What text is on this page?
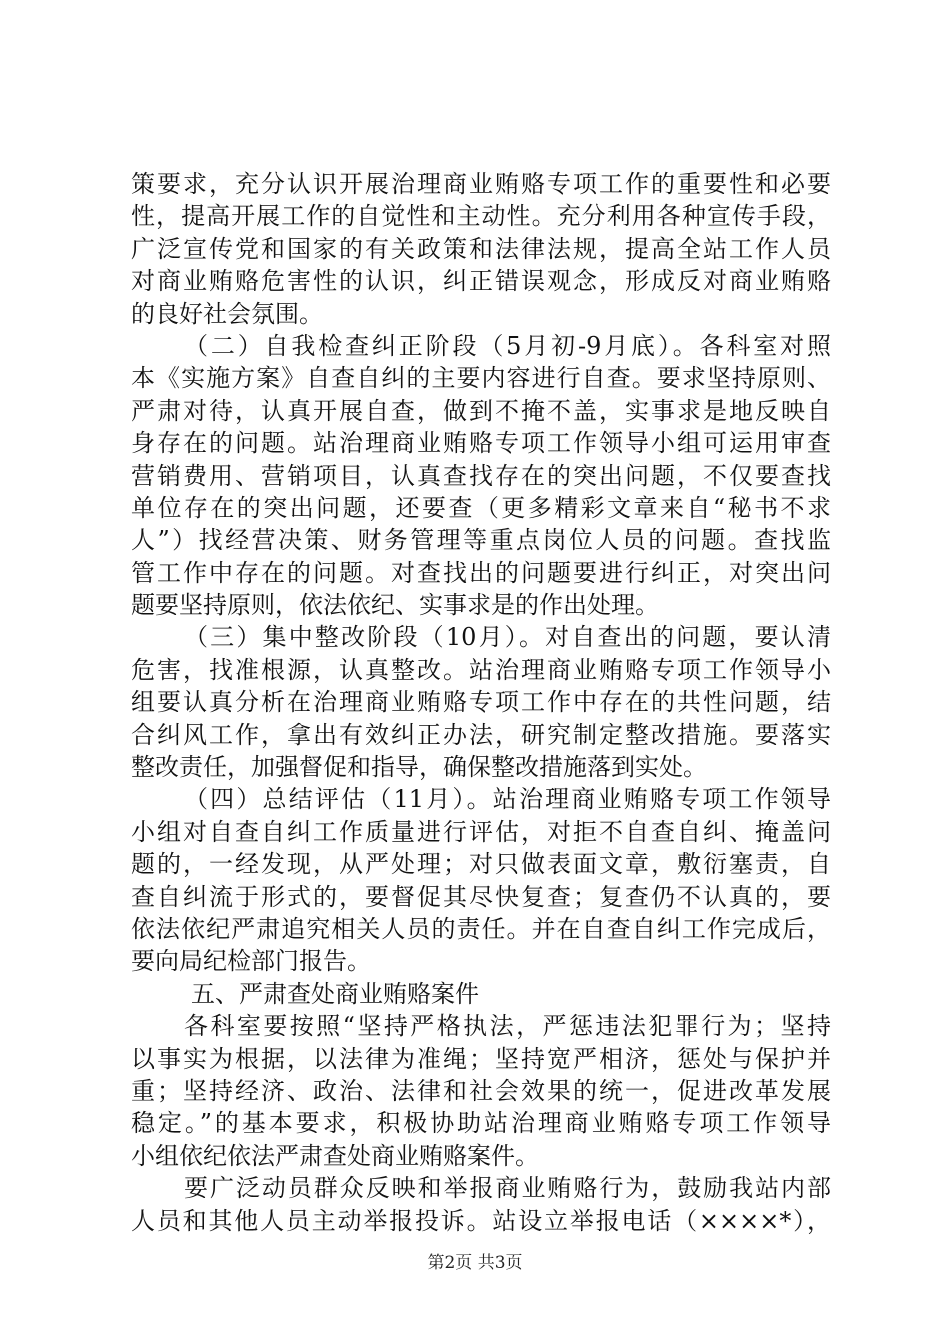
策要求，充分认识开展治理商业贿赂专项工作的重要性和必要
性，提高开展工作的自觉性和主动性。充分利用各种宣传手段，
广泛宣传党和国家的有关政策和法律法规，提高全站工作人员
对商业贿赂危害性的认识，纠正错误观念，形成反对商业贿赂
的良好社会氛围。
（二）自我检查纠正阶段（5月初-9月底）。各科室对照
本《实施方案》自查自纠的主要内容进行自查。要求坚持原则、
严肃对待，认真开展自查，做到不掩不盖，实事求是地反映自
身存在的问题。站治理商业贿赂专项工作领导小组可运用审查
营销费用、营销项目，认真查找存在的突出问题，不仅要查找
单位存在的突出问题，还要查（更多精彩文章来自“秘书不求
人”）找经营决策、财务管理等重点岗位人员的问题。查找监
管工作中存在的问题。对查找出的问题要进行纠正，对突出问
题要坚持原则，依法依纪、实事求是的作出处理。
（三）集中整改阶段（10月）。对自查出的问题，要认清
危害，找准根源，认真整改。站治理商业贿赂专项工作领导小
组要认真分析在治理商业贿赂专项工作中存在的共性问题，结
合纠风工作，拿出有效纠正办法，研究制定整改措施。要落实
整改责任，加强督促和指导，确保整改措施落到实处。
（四）总结评估（11月）。站治理商业贿赂专项工作领导
小组对自查自纠工作质量进行评估，对拒不自查自纠、掩盖问
题的，一经发现，从严处理；对只做表面文章，敷衍塞责，自
查自纠流于形式的，要督促其尽快复查；复查仍不认真的，要
依法依纪严肃追究相关人员的责任。并在自查自纠工作完成后，
要向局纪检部门报告。
五、严肃查处商业贿赂案件
各科室要按照“坚持严格执法，严惩违法犯罪行为；坚持
以事实为根据，以法律为准绳；坚持宽严相济，惩处与保护并
重；坚持经济、政治、法律和社会效果的统一，促进改革发展
稳定。”的基本要求，积极协助站治理商业贿赂专项工作领导
小组依纪依法严肃查处商业贿赂案件。
要广泛动员群众反映和举报商业贿赂行为，鼓励我站内部
人员和其他人员主动举报投诉。站设立举报电话（××××*），
第2页 共3页
